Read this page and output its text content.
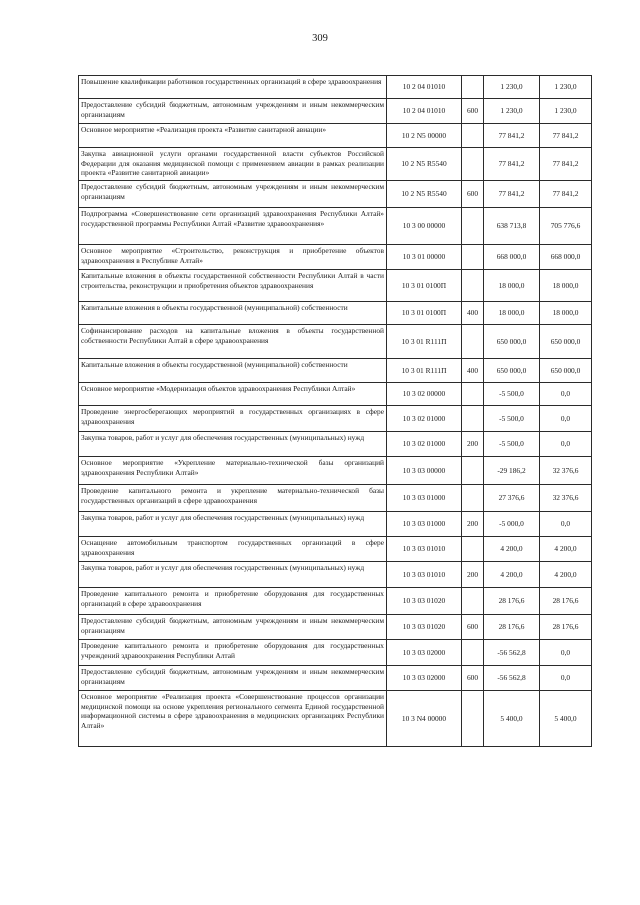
309
Повышение квалификации работников государственных организаций в сфере здравоохранения	10 2 04 01010		1 230,0	1 230,0
Предоставление субсидий бюджетным, автономным учреждениям и иным некоммерческим организациям	10 2 04 01010	600	1 230,0	1 230,0
Основное мероприятие «Реализация проекта «Развитие санитарной авиации»	10 2 N5 00000		77 841,2	77 841,2
Закупка авиационной услуги органами государственной власти субъектов Российской Федерации для оказания медицинской помощи с применением авиации в рамках реализации проекта «Развитие санитарной авиации»	10 2 N5 R5540		77 841,2	77 841,2
Предоставление субсидий бюджетным, автономным учреждениям и иным некоммерческим организациям	10 2 N5 R5540	600	77 841,2	77 841,2
Подпрограмма «Совершенствование сети организаций здравоохранения Республики Алтай» государственной программы Республики Алтай «Развитие здравоохранения»	10 3 00 00000		638 713,8	705 776,6
Основное мероприятие «Строительство, реконструкция и приобретение объектов здравоохранения в Республике Алтай»	10 3 01 00000		668 000,0	668 000,0
Капитальные вложения в объекты государственной собственности Республики Алтай в части строительства, реконструкции и приобретения объектов здравоохранения	10 3 01 0100П		18 000,0	18 000,0
Капитальные вложения в объекты государственной (муниципальной) собственности	10 3 01 0100П	400	18 000,0	18 000,0
Софинансирование расходов на капитальные вложения в объекты государственной собственности Республики Алтай в сфере здравоохранения	10 3 01 R111П		650 000,0	650 000,0
Капитальные вложения в объекты государственной (муниципальной) собственности	10 3 01 R111П	400	650 000,0	650 000,0
Основное мероприятие «Модернизация объектов здравоохранения Республики Алтай»	10 3 02 00000		-5 500,0	0,0
Проведение энергосберегающих мероприятий в государственных организациях в сфере здравоохранения	10 3 02 01000		-5 500,0	0,0
Закупка товаров, работ и услуг для обеспечения государственных (муниципальных) нужд	10 3 02 01000	200	-5 500,0	0,0
Основное мероприятие «Укрепление материально-технической базы организаций здравоохранения Республики Алтай»	10 3 03 00000		-29 186,2	32 376,6
Проведение капитального ремонта и укрепление материально-технической базы государственных организаций в сфере здравоохранения	10 3 03 01000		27 376,6	32 376,6
Закупка товаров, работ и услуг для обеспечения государственных (муниципальных) нужд	10 3 03 01000	200	-5 000,0	0,0
Оснащение автомобильным транспортом государственных организаций в сфере здравоохранения	10 3 03 01010		4 200,0	4 200,0
Закупка товаров, работ и услуг для обеспечения государственных (муниципальных) нужд	10 3 03 01010	200	4 200,0	4 200,0
Проведение капитального ремонта и приобретение оборудования для государственных организаций в сфере здравоохранения	10 3 03 01020		28 176,6	28 176,6
Предоставление субсидий бюджетным, автономным учреждениям и иным некоммерческим организациям	10 3 03 01020	600	28 176,6	28 176,6
Проведение капитального ремонта и приобретение оборудования для государственных учреждений здравоохранения Республики Алтай	10 3 03 02000		-56 562,8	0,0
Предоставление субсидий бюджетным, автономным учреждениям и иным некоммерческим организациям	10 3 03 02000	600	-56 562,8	0,0
Основное мероприятие «Реализация проекта «Совершенствование процессов организации медицинской помощи на основе укрепления регионального сегмента Единой государственной информационной системы в сфере здравоохранения в медицинских организациях Республики Алтай»	10 3 N4 00000		5 400,0	5 400,0
